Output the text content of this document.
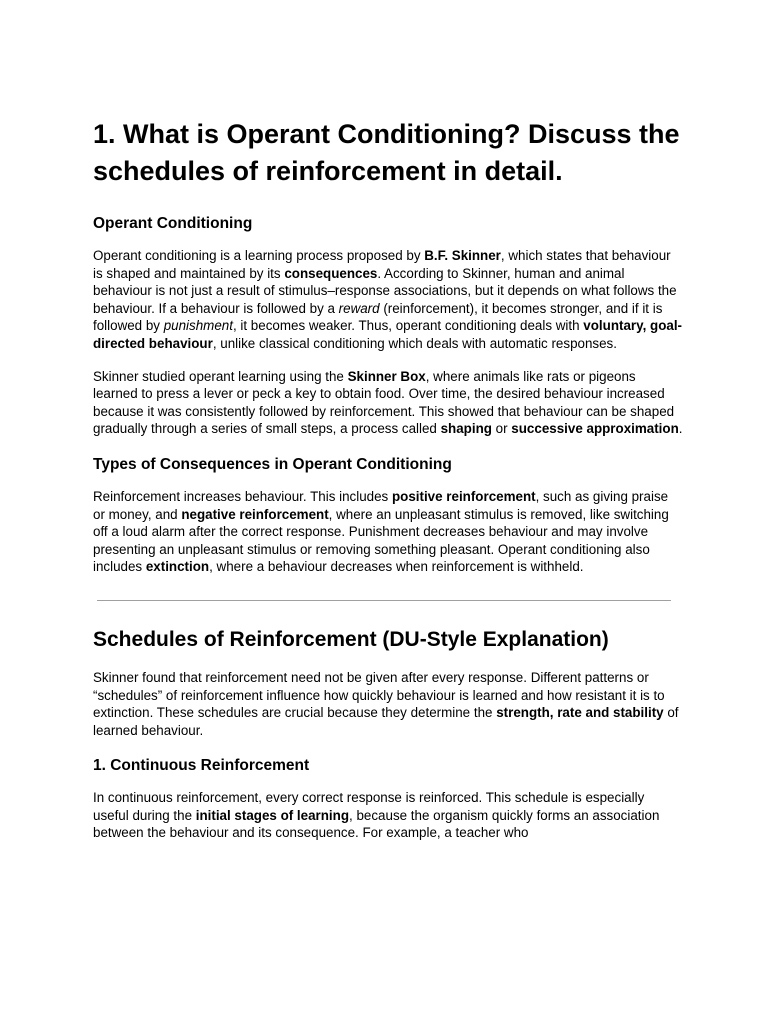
1. What is Operant Conditioning? Discuss the schedules of reinforcement in detail.
Operant Conditioning

Operant conditioning is a learning process proposed by B.F. Skinner, which states that behaviour is shaped and maintained by its consequences. According to Skinner, human and animal behaviour is not just a result of stimulus–response associations, but it depends on what follows the behaviour. If a behaviour is followed by a reward (reinforcement), it becomes stronger, and if it is followed by punishment, it becomes weaker. Thus, operant conditioning deals with voluntary, goal-directed behaviour, unlike classical conditioning which deals with automatic responses.

Skinner studied operant learning using the Skinner Box, where animals like rats or pigeons learned to press a lever or peck a key to obtain food. Over time, the desired behaviour increased because it was consistently followed by reinforcement. This showed that behaviour can be shaped gradually through a series of small steps, a process called shaping or successive approximation.

Types of Consequences in Operant Conditioning

Reinforcement increases behaviour. This includes positive reinforcement, such as giving praise or money, and negative reinforcement, where an unpleasant stimulus is removed, like switching off a loud alarm after the correct response. Punishment decreases behaviour and may involve presenting an unpleasant stimulus or removing something pleasant. Operant conditioning also includes extinction, where a behaviour decreases when reinforcement is withheld.

Schedules of Reinforcement (DU-Style Explanation)

Skinner found that reinforcement need not be given after every response. Different patterns or “schedules” of reinforcement influence how quickly behaviour is learned and how resistant it is to extinction. These schedules are crucial because they determine the strength, rate and stability of learned behaviour.

1. Continuous Reinforcement

In continuous reinforcement, every correct response is reinforced. This schedule is especially useful during the initial stages of learning, because the organism quickly forms an association between the behaviour and its consequence. For example, a teacher who
